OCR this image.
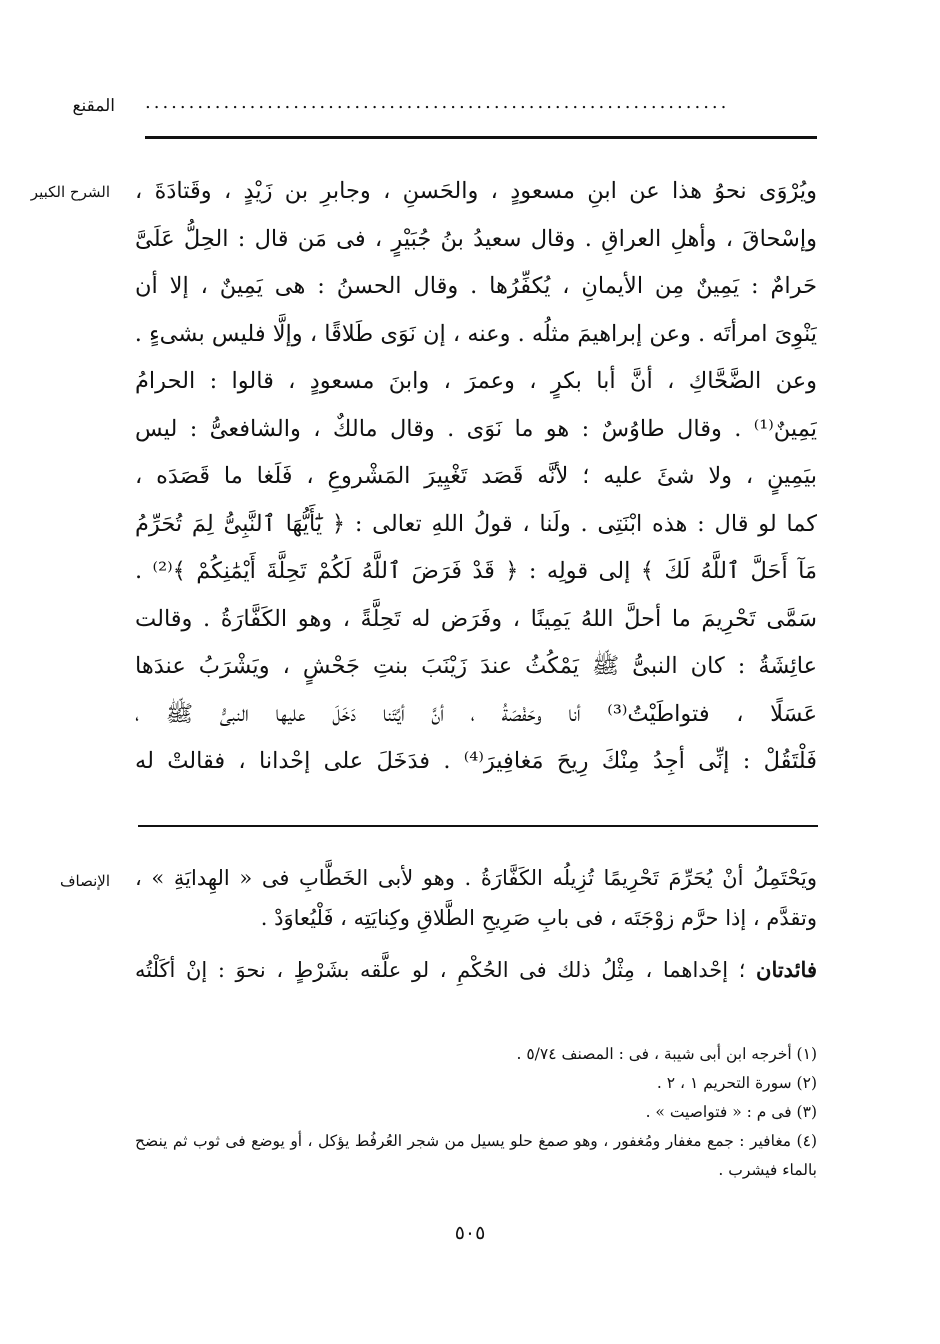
المقنع ...................................................................
الشرح الكبير ويُرْوَى نحوُ هذا عن ابنِ مسعودٍ ، والحَسنِ ، وجابرِ بن زَيْدٍ ، وقَتادَةَ ،
وإسْحاقَ ، وأهلِ العراقِ . وقال سعيدُ بنُ جُبَيْرٍ ، فى مَن قال : الحِلُّ عَلَىَّ
حَرامٌ : يَمِينٌ مِن الأيمانِ ، يُكفِّرُها . وقال الحسنُ : هى يَمِينٌ ، إلا أن
يَنْوِىَ امرأتَه . وعن إبراهيمَ مثلُه . وعنه ، إن نَوَى طَلاقًا ، وإلَّا فليس بشىءٍ .
وعن الضَّحَّاكِ ، أنَّ أبا بكرٍ ، وعمرَ ، وابنَ مسعودٍ ، قالوا : الحرامُ
يَمِينٌ⁽¹⁾ . وقال طاوُسٌ : هو ما نَوَى . وقال مالكٌ ، والشافعىُّ : ليس
بيَمِينٍ ، ولا شئَ عليه ؛ لأنَّه قَصَد تَغْيِيرَ المَشْروعِ ، فَلَغا ما قَصَدَه ،
كما لو قال : هذه ابْنَتِى . ولَنا ، قولُ اللهِ تعالى : ﴿ يَٰٓأَيُّهَا ٱلنَّبِىُّ لِمَ تُحَرِّمُ
مَآ أَحَلَّ ٱللَّهُ لَكَ ﴾ إلى قولِه : ﴿ قَدْ فَرَضَ ٱللَّهُ لَكُمْ تَحِلَّةَ أَيْمَٰنِكُمْ ﴾⁽²⁾ .
سَمَّى تَحْرِيمَ ما أحلَّ اللهُ يَمِينًا ، وفَرَض له تَحِلَّةً ، وهو الكَفَّارَةُ . وقالت
عائِشَةُ : كان النبىُّ ﷺ يَمْكُثُ عندَ زَيْنَبَ بنتِ جَحْشٍ ، ويَشْرَبُ عندَها
عَسَلًا ، فتواطَيْتُ⁽³⁾ أنا وحَفْصَةُ ، أنَّ أيَّتَنا دَخَلَ عليها النبىُّ ﷺ ،
فَلْتَقُلْ : إنِّى أجِدُ مِنْكَ رِيحَ مَغافِيرَ⁽⁴⁾ . فدَخَلَ على إحْدانا ، فقالتْ له
الإنصاف ويَحْتَمِلُ أنْ يُحَرِّمَ تَحْرِيمًا تُزِيلُه الكَفَّارَةُ . وهو لأبى الخَطَّابِ فى « الهِدايَةِ » ،
وتقدَّم ، إذا حرَّم زوْجَتَه ، فى بابِ صَرِيحِ الطَّلاقِ وكِنايَتِه ، فَلْيُعاوَدْ .
فائدتان ؛ إحْداهما ، مِثْلُ ذلك فى الحُكْمِ ، لو علَّقه بشَرْطٍ ، نحوَ : إنْ أكَلْتُه
(١) أخرجه ابن أبى شيبة ، فى : المصنف ٥/٧٤ .
(٢) سورة التحريم ١ ، ٢ .
(٣) فى م : « فتواصيت » .
(٤) مغافير : جمع مغفار ومُغفور ، وهو صمغ حلو يسيل من شجر العُرفُط يؤكل ، أو يوضع فى ثوب ثم ينضح
بالماء فيشرب .
٥٠٥
